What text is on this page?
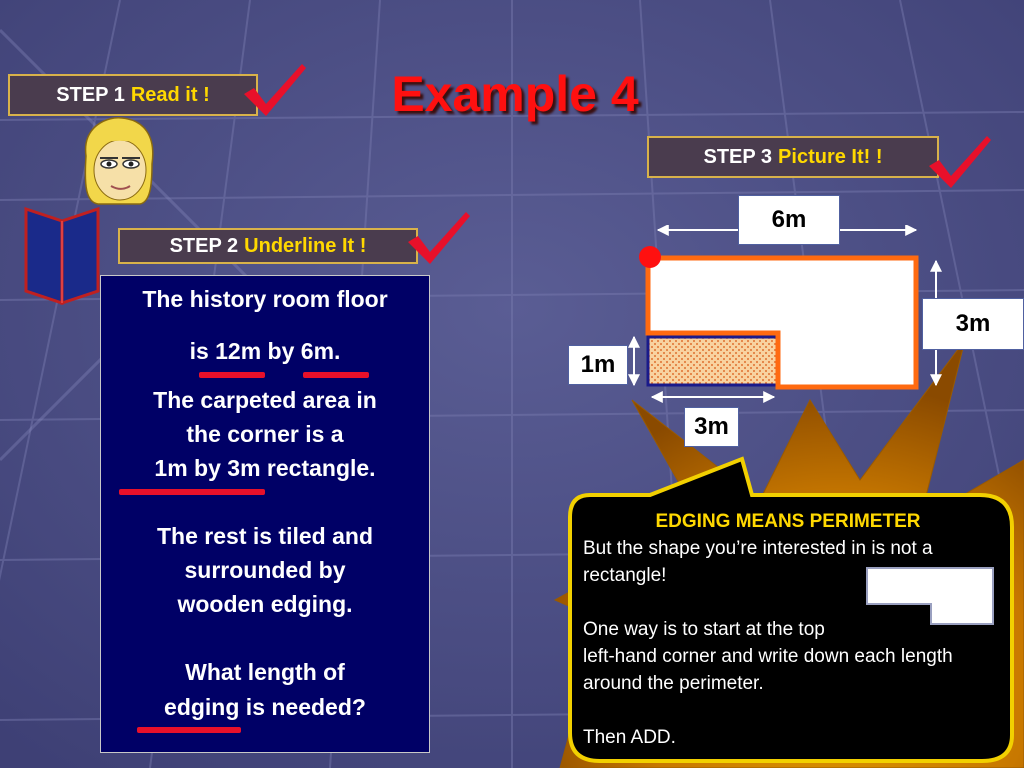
STEP 1 Read it !	Example 4
STEP 2 Underline It !
STEP 3 Picture It! !
The history room floor
is 12m by 6m.
The carpeted area in
the corner is a
1m by 3m rectangle.
The rest is tiled and
surrounded by
wooden edging.
What length of
edging is needed?
6m
3m
1m
3m
EDGING MEANS PERIMETER
But the shape you’re interested in is not a rectangle!
One way is to start at the top
left-hand corner and write down each length around the perimeter.
Then ADD.
